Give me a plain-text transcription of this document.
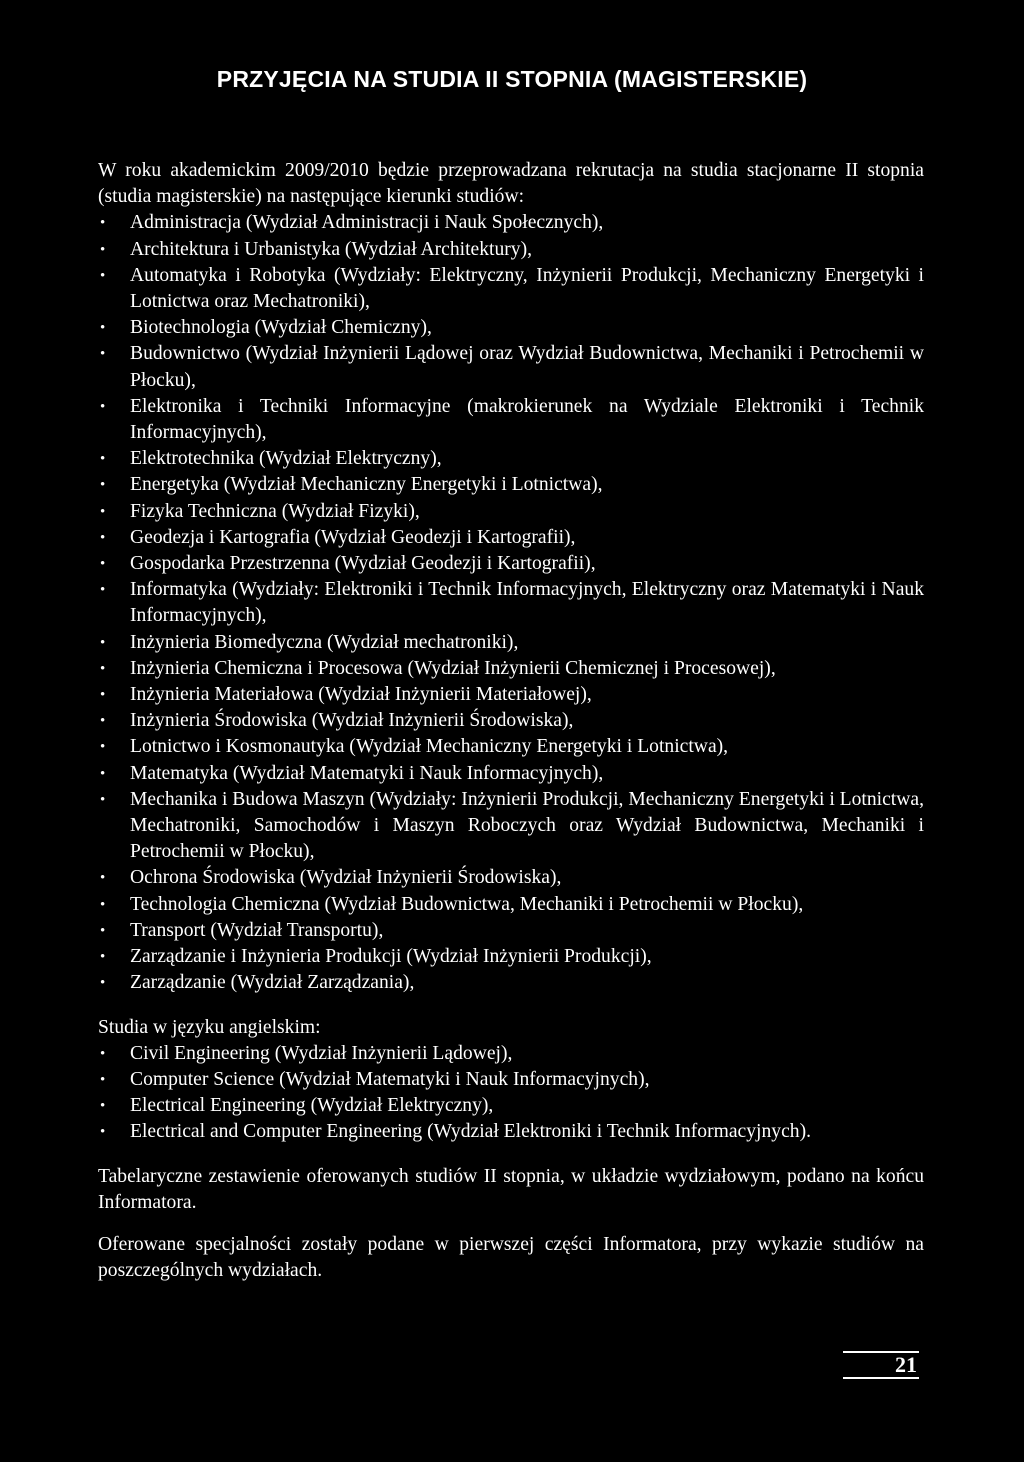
PRZYJĘCIA NA STUDIA II STOPNIA (MAGISTERSKIE)

W roku akademickim 2009/2010 będzie przeprowadzana rekrutacja na studia stacjonarne II stopnia (studia magisterskie) na następujące kierunki studiów:

• Administracja (Wydział Administracji i Nauk Społecznych),
• Architektura i Urbanistyka (Wydział Architektury),
• Automatyka i Robotyka (Wydziały: Elektryczny, Inżynierii Produkcji, Mechaniczny Energetyki i Lotnictwa oraz Mechatroniki),
• Biotechnologia (Wydział Chemiczny),
• Budownictwo (Wydział Inżynierii Lądowej oraz Wydział Budownictwa, Mechaniki i Petrochemii w Płocku),
• Elektronika i Techniki Informacyjne (makrokierunek na Wydziale Elektroniki i Technik Informacyjnych),
• Elektrotechnika (Wydział Elektryczny),
• Energetyka (Wydział Mechaniczny Energetyki i Lotnictwa),
• Fizyka Techniczna (Wydział Fizyki),
• Geodezja i Kartografia (Wydział Geodezji i Kartografii),
• Gospodarka Przestrzenna (Wydział Geodezji i Kartografii),
• Informatyka (Wydziały: Elektroniki i Technik Informacyjnych, Elektryczny oraz Matematyki i Nauk Informacyjnych),
• Inżynieria Biomedyczna (Wydział mechatroniki),
• Inżynieria Chemiczna i Procesowa (Wydział Inżynierii Chemicznej i Procesowej),
• Inżynieria Materiałowa (Wydział Inżynierii Materiałowej),
• Inżynieria Środowiska (Wydział Inżynierii Środowiska),
• Lotnictwo i Kosmonautyka (Wydział Mechaniczny Energetyki i Lotnictwa),
• Matematyka (Wydział Matematyki i Nauk Informacyjnych),
• Mechanika i Budowa Maszyn (Wydziały: Inżynierii Produkcji, Mechaniczny Energetyki i Lotnictwa, Mechatroniki, Samochodów i Maszyn Roboczych oraz Wydział Budownictwa, Mechaniki i Petrochemii w Płocku),
• Ochrona Środowiska (Wydział Inżynierii Środowiska),
• Technologia Chemiczna (Wydział Budownictwa, Mechaniki i Petrochemii w Płocku),
• Transport (Wydział Transportu),
• Zarządzanie i Inżynieria Produkcji (Wydział Inżynierii Produkcji),
• Zarządzanie (Wydział Zarządzania),

Studia w języku angielskim:

• Civil Engineering (Wydział Inżynierii Lądowej),
• Computer Science (Wydział Matematyki i Nauk Informacyjnych),
• Electrical Engineering (Wydział Elektryczny),
• Electrical and Computer Engineering (Wydział Elektroniki i Technik Informacyjnych).

Tabelaryczne zestawienie oferowanych studiów II stopnia, w układzie wydziałowym, podano na końcu Informatora.

Oferowane specjalności zostały podane w pierwszej części Informatora, przy wykazie studiów na poszczególnych wydziałach.

21
